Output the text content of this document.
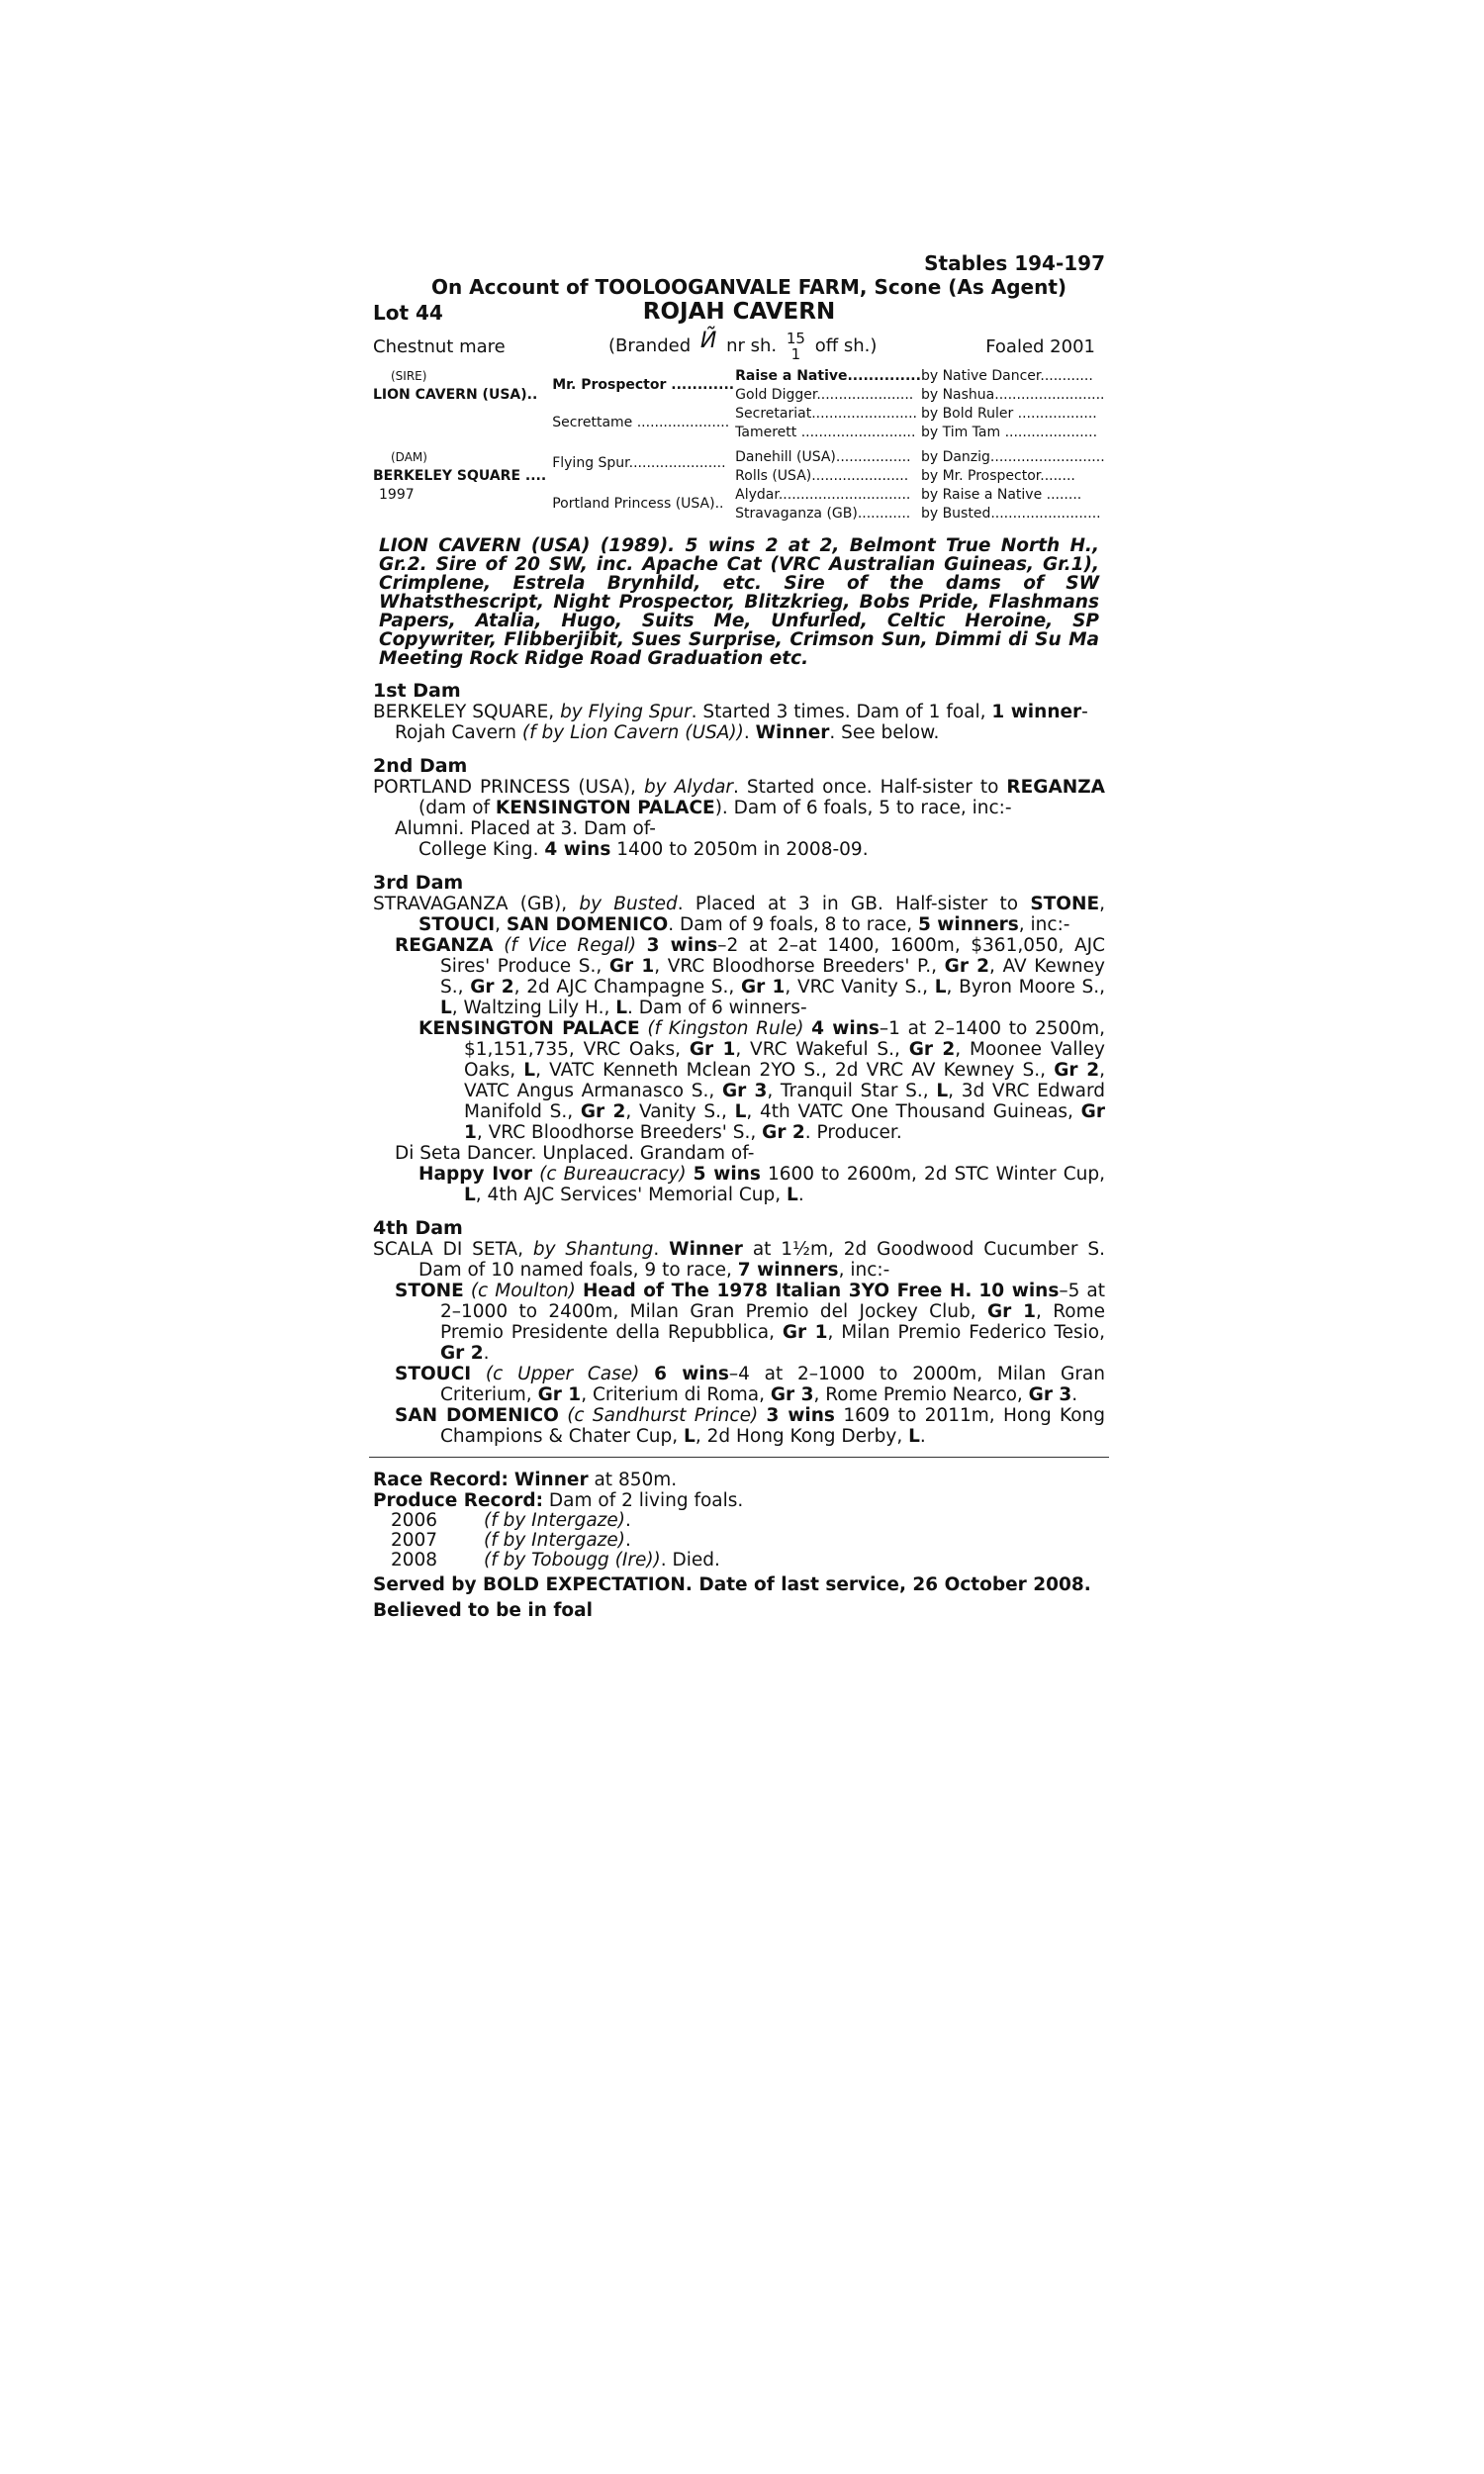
Stables 194-197
On Account of TOOLOOGANVALE FARM, Scone (As Agent)
Lot 44	ROJAH CAVERN
Chestnut mare	(Branded И̃ nr sh. 15
1 off sh.)	Foaled 2001
(SIRE)	Mr. Prospector ............	Raise a Native..............	by Native Dancer............
LION CAVERN (USA)..		Gold Digger......................	by Nashua.........................
	Secrettame .....................	Secretariat........................	by Bold Ruler ..................
		Tamerett ..........................	by Tim Tam .....................
(DAM)	Flying Spur......................	Danehill (USA).................	by Danzig..........................
BERKELEY SQUARE ....		Rolls (USA)......................	by Mr. Prospector........
1997	Portland Princess (USA)..	Alydar..............................	by Raise a Native ........
		Stravaganza (GB)............	by Busted.........................
LION CAVERN (USA) (1989). 5 wins 2 at 2, Belmont True North H., Gr.2. Sire of 20 SW, inc. Apache Cat (VRC Australian Guineas, Gr.1), Crimplene, Estrela Brynhild, etc. Sire of the dams of SW Whatsthescript, Night Prospector, Blitzkrieg, Bobs Pride, Flashmans Papers, Atalia, Hugo, Suits Me, Unfurled, Celtic Heroine, SP Copywriter, Flibberjibit, Sues Surprise, Crimson Sun, Dimmi di Su Ma Meeting Rock Ridge Road Graduation etc.
1st Dam
BERKELEY SQUARE, by Flying Spur. Started 3 times. Dam of 1 foal, 1 winner-
Rojah Cavern (f by Lion Cavern (USA)). Winner. See below.
2nd Dam
PORTLAND PRINCESS (USA), by Alydar. Started once. Half-sister to REGANZA (dam of KENSINGTON PALACE). Dam of 6 foals, 5 to race, inc:-
Alumni. Placed at 3. Dam of-
College King. 4 wins 1400 to 2050m in 2008-09.
3rd Dam
STRAVAGANZA (GB), by Busted. Placed at 3 in GB. Half-sister to STONE, STOUCI, SAN DOMENICO. Dam of 9 foals, 8 to race, 5 winners, inc:-
REGANZA (f Vice Regal) 3 wins–2 at 2–at 1400, 1600m, $361,050, AJC Sires' Produce S., Gr 1, VRC Bloodhorse Breeders' P., Gr 2, AV Kewney S., Gr 2, 2d AJC Champagne S., Gr 1, VRC Vanity S., L, Byron Moore S., L, Waltzing Lily H., L. Dam of 6 winners-
KENSINGTON PALACE (f Kingston Rule) 4 wins–1 at 2–1400 to 2500m, $1,151,735, VRC Oaks, Gr 1, VRC Wakeful S., Gr 2, Moonee Valley Oaks, L, VATC Kenneth Mclean 2YO S., 2d VRC AV Kewney S., Gr 2, VATC Angus Armanasco S., Gr 3, Tranquil Star S., L, 3d VRC Edward Manifold S., Gr 2, Vanity S., L, 4th VATC One Thousand Guineas, Gr 1, VRC Bloodhorse Breeders' S., Gr 2. Producer.
Di Seta Dancer. Unplaced. Grandam of-
Happy Ivor (c Bureaucracy) 5 wins 1600 to 2600m, 2d STC Winter Cup, L, 4th AJC Services' Memorial Cup, L.
4th Dam
SCALA DI SETA, by Shantung. Winner at 1½m, 2d Goodwood Cucumber S. Dam of 10 named foals, 9 to race, 7 winners, inc:-
STONE (c Moulton) Head of The 1978 Italian 3YO Free H. 10 wins–5 at 2–1000 to 2400m, Milan Gran Premio del Jockey Club, Gr 1, Rome Premio Presidente della Repubblica, Gr 1, Milan Premio Federico Tesio, Gr 2.
STOUCI (c Upper Case) 6 wins–4 at 2–1000 to 2000m, Milan Gran Criterium, Gr 1, Criterium di Roma, Gr 3, Rome Premio Nearco, Gr 3.
SAN DOMENICO (c Sandhurst Prince) 3 wins 1609 to 2011m, Hong Kong Champions & Chater Cup, L, 2d Hong Kong Derby, L.
Race Record: Winner at 850m.
Produce Record: Dam of 2 living foals.
2006	(f by Intergaze).
2007	(f by Intergaze).
2008	(f by Tobougg (Ire)). Died.
Served by BOLD EXPECTATION. Date of last service, 26 October 2008.
Believed to be in foal
